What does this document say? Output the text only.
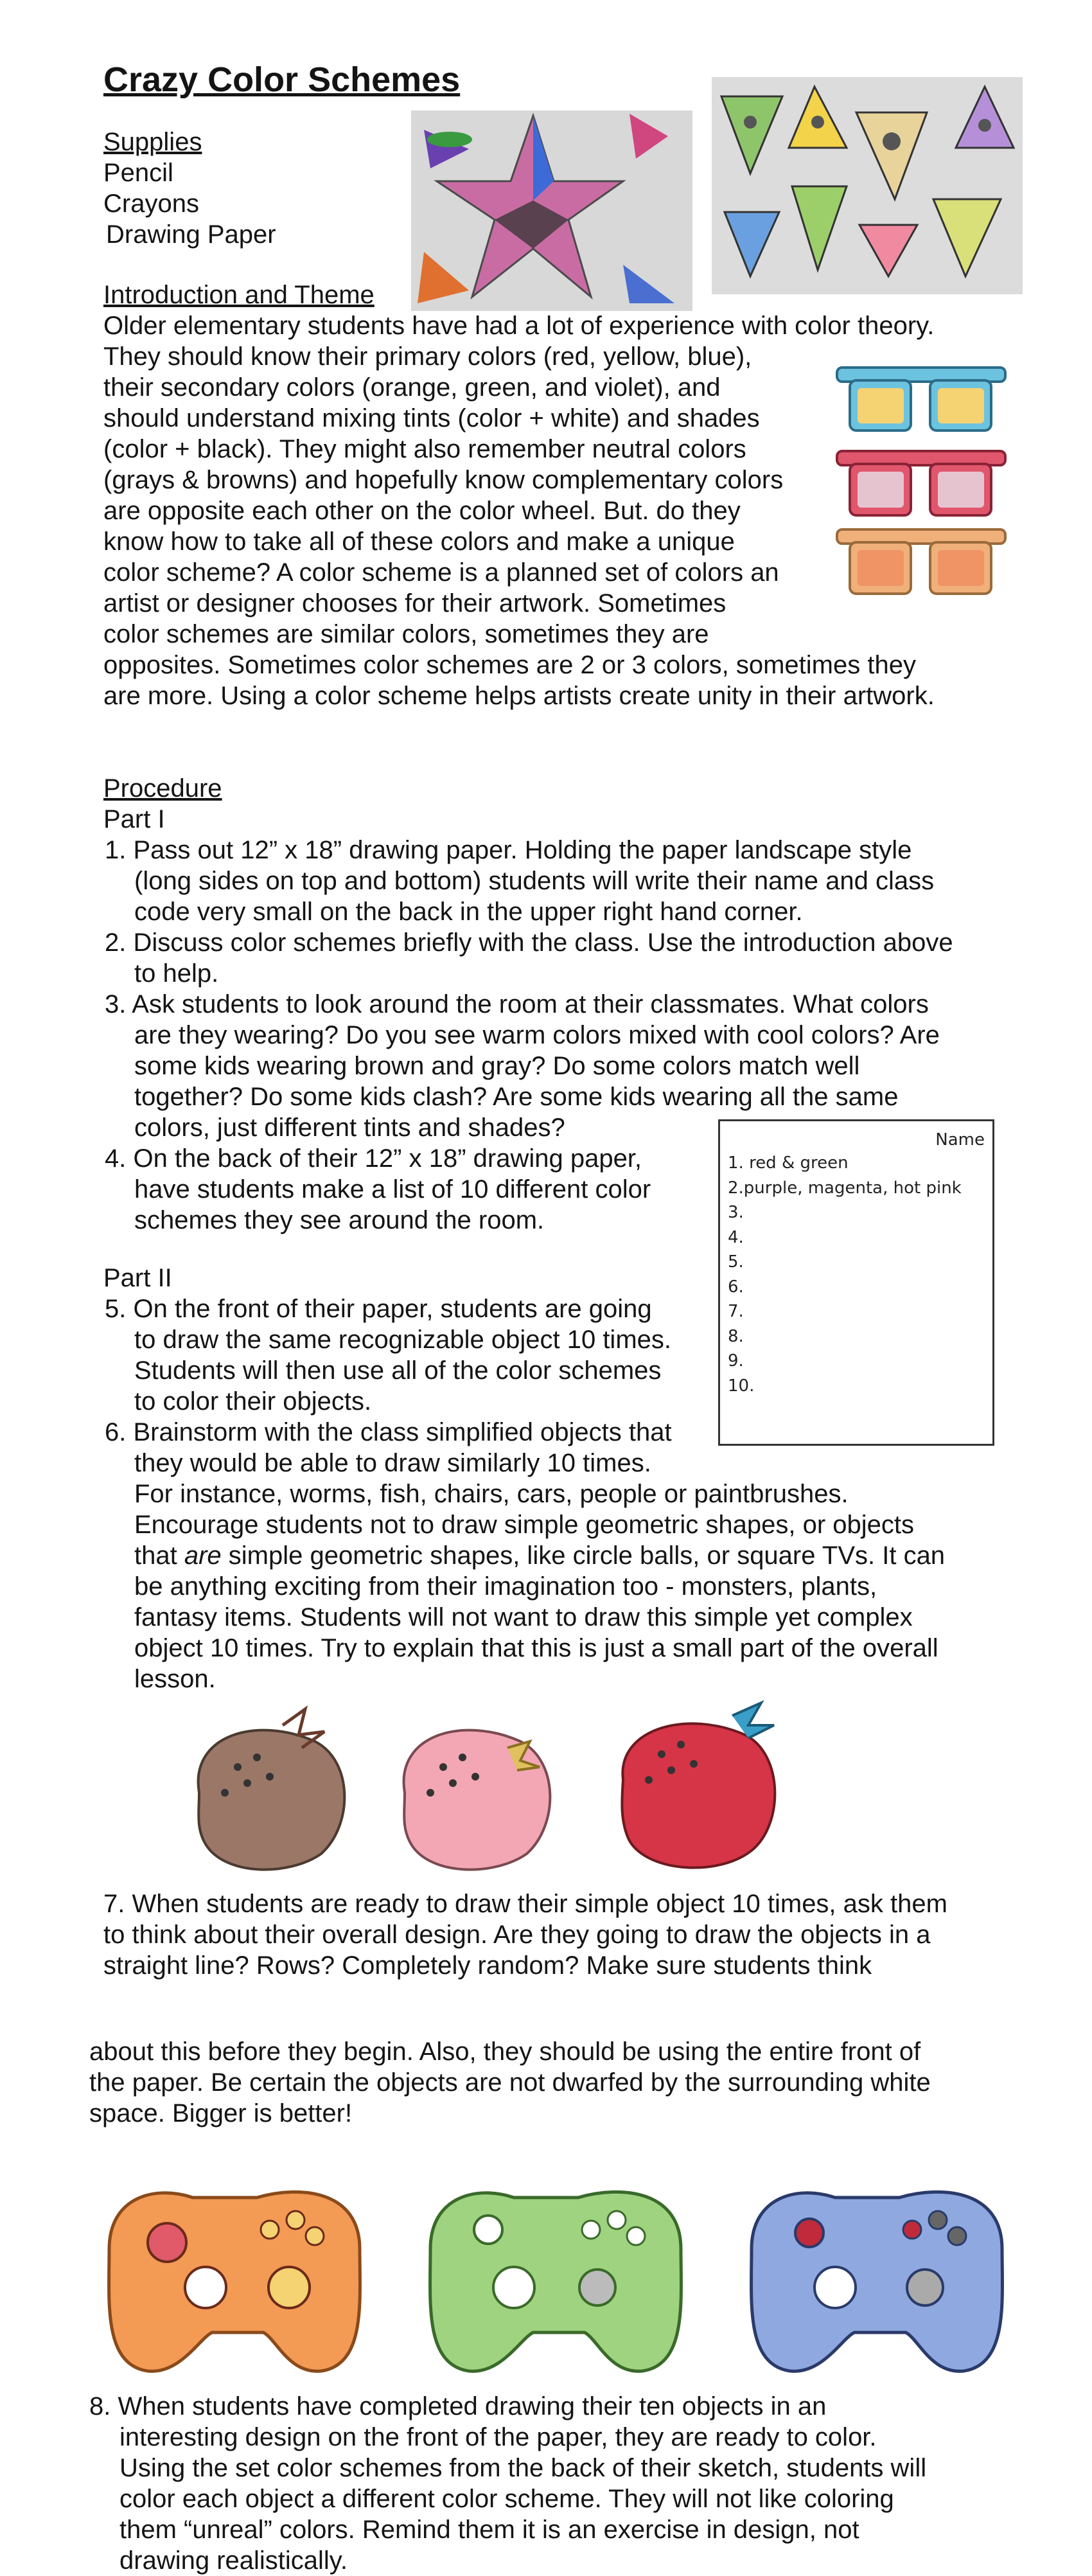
Crazy Color Schemes
Supplies
Pencil
Crayons
Drawing Paper
Introduction and Theme
Older elementary students have had a lot of experience with color theory.
They should know their primary colors (red, yellow, blue),
their secondary colors (orange, green, and violet), and
should understand mixing tints (color + white) and shades
(color + black). They might also remember neutral colors
(grays & browns) and hopefully know complementary colors
are opposite each other on the color wheel. But. do they
know how to take all of these colors and make a unique
color scheme? A color scheme is a planned set of colors an
artist or designer chooses for their artwork. Sometimes
color schemes are similar colors, sometimes they are
opposites. Sometimes color schemes are 2 or 3 colors, sometimes they
are more. Using a color scheme helps artists create unity in their artwork.
Procedure
Part I
1. Pass out 12” x 18” drawing paper. Holding the paper landscape style
(long sides on top and bottom) students will write their name and class
code very small on the back in the upper right hand corner.
2. Discuss color schemes briefly with the class. Use the introduction above
to help.
3. Ask students to look around the room at their classmates. What colors
are they wearing? Do you see warm colors mixed with cool colors? Are
some kids wearing brown and gray? Do some colors match well
together? Do some kids clash? Are some kids wearing all the same
colors, just different tints and shades?
4. On the back of their 12” x 18” drawing paper,
have students make a list of 10 different color
schemes they see around the room.
Part II
5. On the front of their paper, students are going
to draw the same recognizable object 10 times.
Students will then use all of the color schemes
to color their objects.
6. Brainstorm with the class simplified objects that
they would be able to draw similarly 10 times.
For instance, worms, fish, chairs, cars, people or paintbrushes.
Encourage students not to draw simple geometric shapes, or objects
that are simple geometric shapes, like circle balls, or square TVs. It can
be anything exciting from their imagination too - monsters, plants,
fantasy items. Students will not want to draw this simple yet complex
object 10 times. Try to explain that this is just a small part of the overall
lesson.
Name
1. red & green
2.purple, magenta, hot pink
3.
4.
5.
6.
7.
8.
9.
10.
7. When students are ready to draw their simple object 10 times, ask them
to think about their overall design. Are they going to draw the objects in a
straight line? Rows? Completely random? Make sure students think
about this before they begin. Also, they should be using the entire front of
the paper. Be certain the objects are not dwarfed by the surrounding white
space. Bigger is better!
8. When students have completed drawing their ten objects in an
interesting design on the front of the paper, they are ready to color.
Using the set color schemes from the back of their sketch, students will
color each object a different color scheme. They will not like coloring
them “unreal” colors. Remind them it is an exercise in design, not
drawing realistically.
